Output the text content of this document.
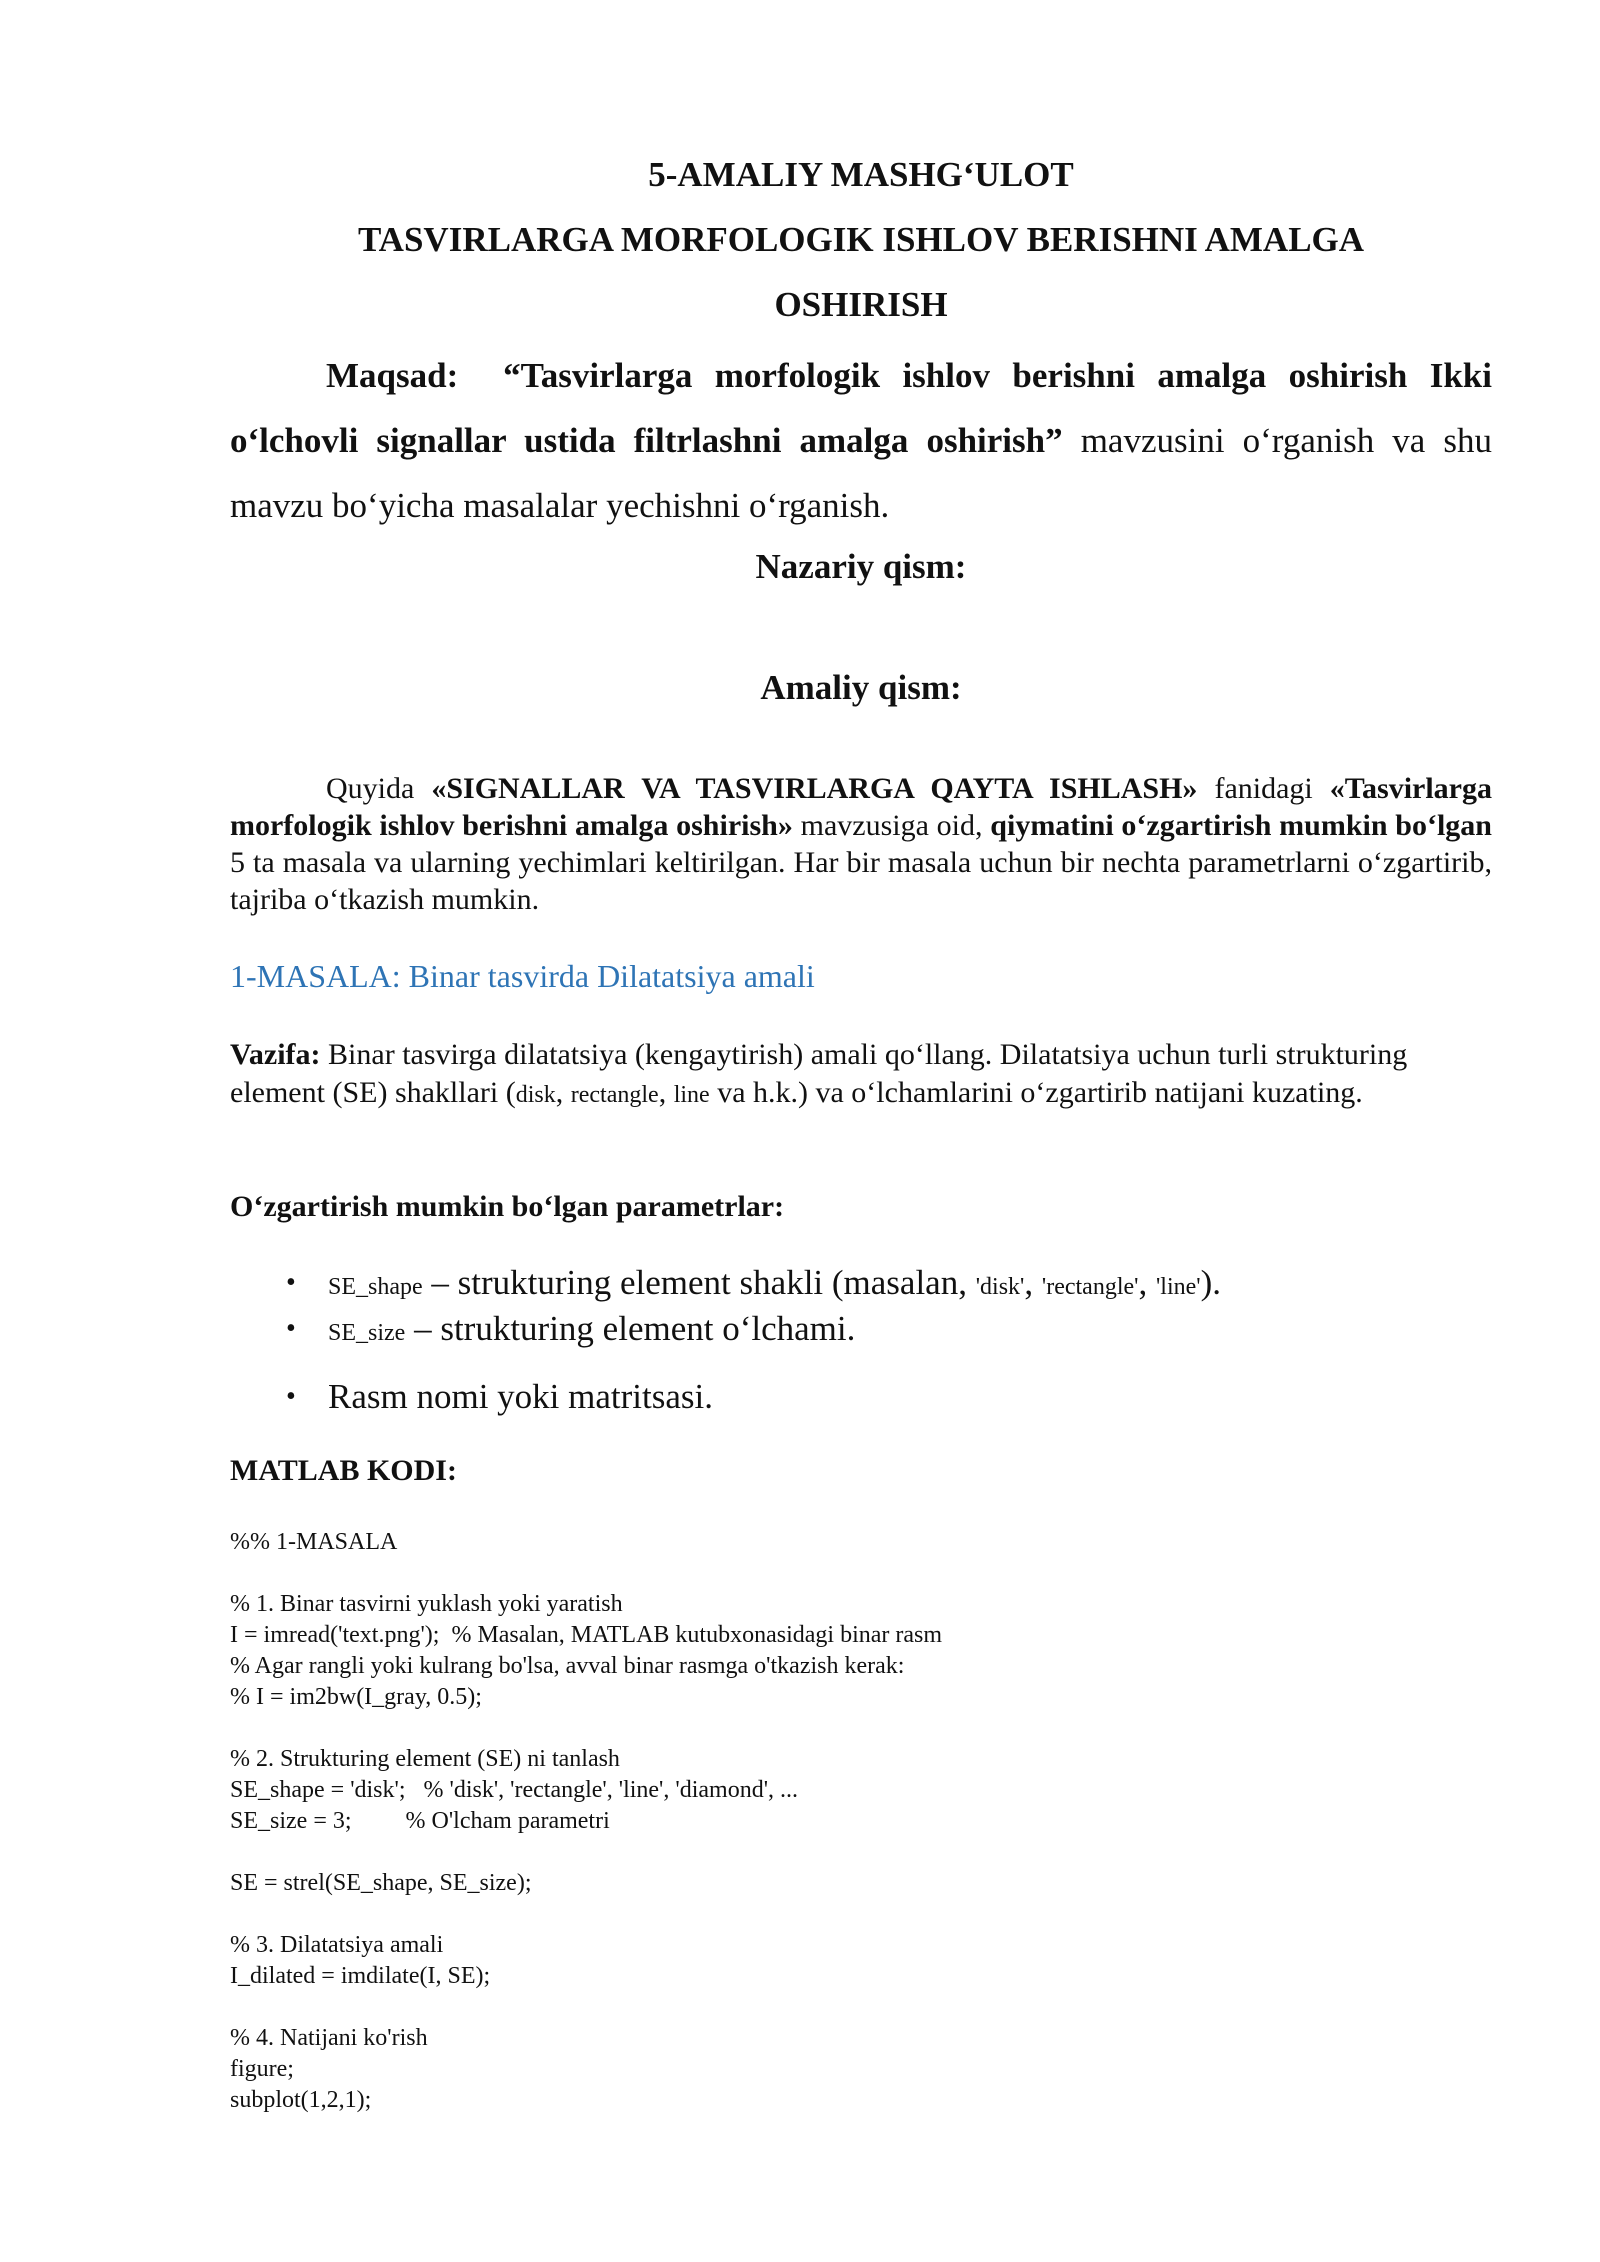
5-AMALIY MASHG‘ULOT
TASVIRLARGA MORFOLOGIK ISHLOV BERISHNI AMALGA
OSHIRISH
Maqsad: “Tasvirlarga morfologik ishlov berishni amalga oshirish Ikki o‘lchovli signallar ustida filtrlashni amalga oshirish” mavzusini o‘rganish va shu mavzu bo‘yicha masalalar yechishni o‘rganish.
Nazariy qism:
Amaliy qism:
Quyida «SIGNALLAR VA TASVIRLARGA QAYTA ISHLASH» fanidagi «Tasvirlarga morfologik ishlov berishni amalga oshirish» mavzusiga oid, qiymatini o‘zgartirish mumkin bo‘lgan 5 ta masala va ularning yechimlari keltirilgan. Har bir masala uchun bir nechta parametrlarni o‘zgartirib, tajriba o‘tkazish mumkin.
1-MASALA: Binar tasvirda Dilatatsiya amali
Vazifa: Binar tasvirga dilatatsiya (kengaytirish) amali qo‘llang. Dilatatsiya uchun turli strukturing element (SE) shakllari (disk, rectangle, line va h.k.) va o‘lchamlarini o‘zgartirib natijani kuzating.
O‘zgartirish mumkin bo‘lgan parametrlar:
• SE_shape – strukturing element shakli (masalan, 'disk', 'rectangle', 'line').
• SE_size – strukturing element o‘lchami.
• Rasm nomi yoki matritsasi.
MATLAB KODI:
%% 1-MASALA
% 1. Binar tasvirni yuklash yoki yaratish
I = imread('text.png');  % Masalan, MATLAB kutubxonasidagi binar rasm
% Agar rangli yoki kulrang bo'lsa, avval binar rasmga o'tkazish kerak:
% I = im2bw(I_gray, 0.5);
% 2. Strukturing element (SE) ni tanlash
SE_shape = 'disk';   % 'disk', 'rectangle', 'line', 'diamond', ...
SE_size = 3;         % O'lcham parametri
SE = strel(SE_shape, SE_size);
% 3. Dilatatsiya amali
I_dilated = imdilate(I, SE);
% 4. Natijani ko'rish
figure;
subplot(1,2,1);
